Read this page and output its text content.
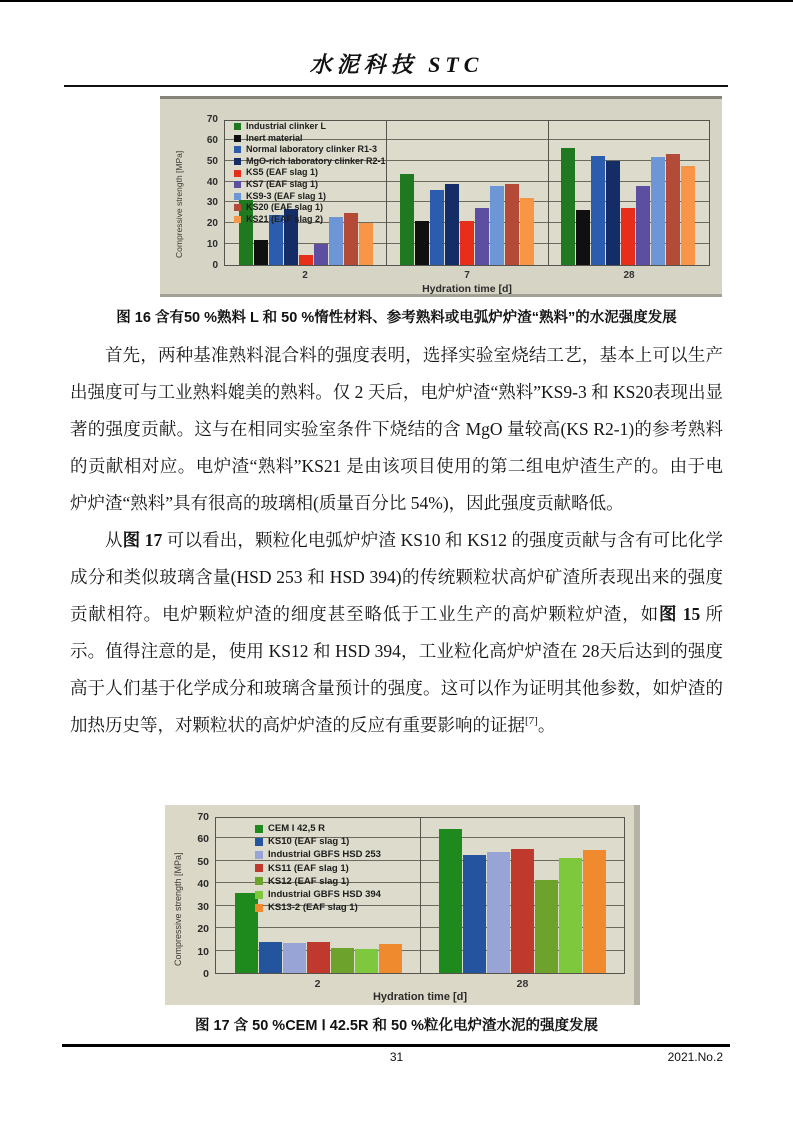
水泥科技 STC
0
10
20
30
40
50
60
70
2	7	28
Hydration time [d]
Compressive strength [MPa]
Industrial clinker L
Inert material
Normal laboratory clinker R1-3
MgO-rich laboratory clinker R2-1
KS5 (EAF slag 1)
KS7 (EAF slag 1)
KS9-3 (EAF slag 1)
KS20 (EAF slag 1)
KS21 (EAF slag 2)
图 16 含有50 %熟料 L 和 50 %惰性材料、参考熟料或电弧炉炉渣“熟料”的水泥强度发展

首先，两种基准熟料混合料的强度表明，选择实验室烧结工艺，基本上可以生产出强度可与工业熟料媲美的熟料。仅 2 天后，电炉炉渣“熟料”KS9-3 和 KS20表现出显著的强度贡献。这与在相同实验室条件下烧结的含 MgO 量较高(KS R2-1)的参考熟料的贡献相对应。电炉渣“熟料”KS21 是由该项目使用的第二组电炉渣生产的。由于电炉炉渣“熟料”具有很高的玻璃相(质量百分比 54%)，因此强度贡献略低。

从图 17 可以看出，颗粒化电弧炉炉渣 KS10 和 KS12 的强度贡献与含有可比化学成分和类似玻璃含量(HSD 253 和 HSD 394)的传统颗粒状高炉矿渣所表现出来的强度贡献相符。电炉颗粒炉渣的细度甚至略低于工业生产的高炉颗粒炉渣，如图 15 所示。值得注意的是，使用 KS12 和 HSD 394，工业粒化高炉炉渣在 28天后达到的强度高于人们基于化学成分和玻璃含量预计的强度。这可以作为证明其他参数，如炉渣的加热历史等，对颗粒状的高炉炉渣的反应有重要影响的证据[7]。

0
10
20
30
40
50
60
70
2	28
Hydration time [d]
Compressive strength [MPa]
CEM I 42,5 R
KS10 (EAF slag 1)
Industrial GBFS HSD 253
KS11 (EAF slag 1)
KS12 (EAF slag 1)
Industrial GBFS HSD 394
KS13-2 (EAF slag 1)
图 17 含 50 %CEM Ⅰ 42.5R 和 50 %粒化电炉渣水泥的强度发展
31	2021.No.2
